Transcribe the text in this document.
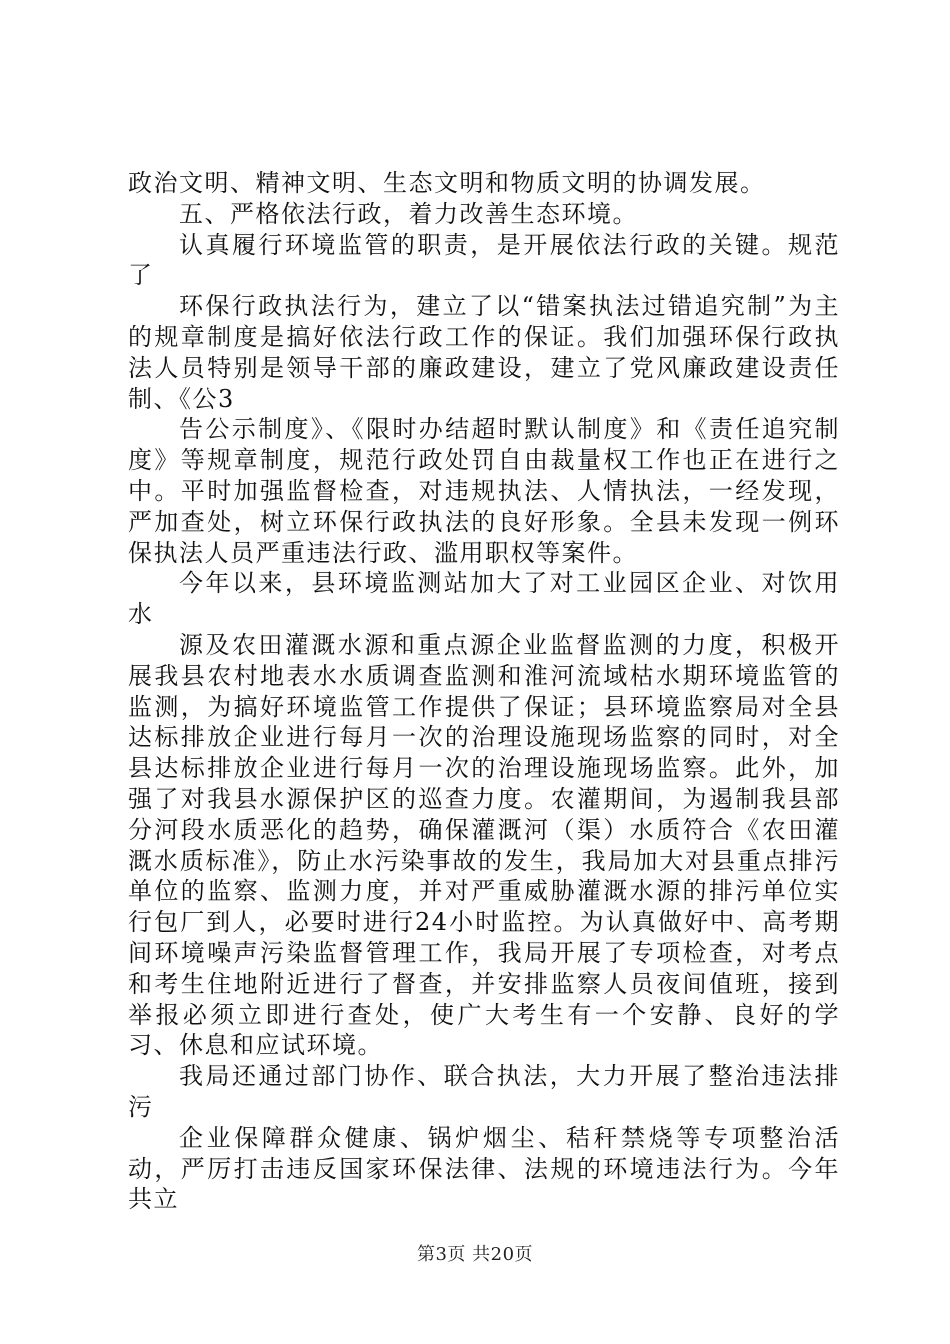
政治文明、精神文明、生态文明和物质文明的协调发展。

五、严格依法行政，着力改善生态环境。

认真履行环境监管的职责，是开展依法行政的关键。规范了

环保行政执法行为，建立了以“错案执法过错追究制”为主的规章制度是搞好依法行政工作的保证。我们加强环保行政执法人员特别是领导干部的廉政建设，建立了党风廉政建设责任制、《公3

告公示制度》、《限时办结超时默认制度》和《责任追究制度》等规章制度，规范行政处罚自由裁量权工作也正在进行之中。平时加强监督检查，对违规执法、人情执法，一经发现，严加查处，树立环保行政执法的良好形象。全县未发现一例环保执法人员严重违法行政、滥用职权等案件。

今年以来，县环境监测站加大了对工业园区企业、对饮用水

源及农田灌溉水源和重点源企业监督监测的力度，积极开展我县农村地表水水质调查监测和淮河流域枯水期环境监管的监测，为搞好环境监管工作提供了保证；县环境监察局对全县达标排放企业进行每月一次的治理设施现场监察的同时，对全县达标排放企业进行每月一次的治理设施现场监察。此外，加强了对我县水源保护区的巡查力度。农灌期间，为遏制我县部分河段水质恶化的趋势，确保灌溉河（渠）水质符合《农田灌溉水质标准》，防止水污染事故的发生，我局加大对县重点排污单位的监察、监测力度，并对严重威胁灌溉水源的排污单位实行包厂到人，必要时进行24小时监控。为认真做好中、高考期间环境噪声污染监督管理工作，我局开展了专项检查，对考点和考生住地附近进行了督查，并安排监察人员夜间值班，接到举报必须立即进行查处，使广大考生有一个安静、良好的学习、休息和应试环境。

我局还通过部门协作、联合执法，大力开展了整治违法排污

企业保障群众健康、锅炉烟尘、秸秆禁烧等专项整治活动，严厉打击违反国家环保法律、法规的环境违法行为。今年共立

第3页 共20页
